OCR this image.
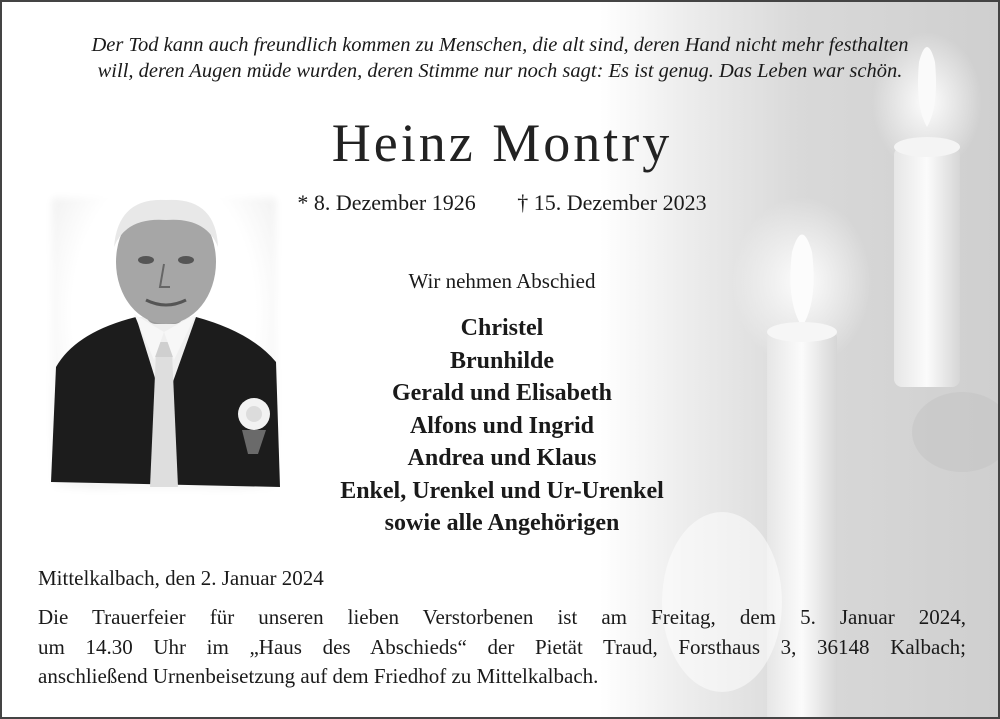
Der Tod kann auch freundlich kommen zu Menschen, die alt sind, deren Hand nicht mehr festhalten
will, deren Augen müde wurden, deren Stimme nur noch sagt: Es ist genug. Das Leben war schön.
Heinz Montry
* 8. Dezember 1926 † 15. Dezember 2023
Wir nehmen Abschied
Christel
Brunhilde
Gerald und Elisabeth
Alfons und Ingrid
Andrea und Klaus
Enkel, Urenkel und Ur-Urenkel
sowie alle Angehörigen
Mittelkalbach, den 2. Januar 2024
Die Trauerfeier für unseren lieben Verstorbenen ist am Freitag, dem 5. Januar 2024,
um 14.30 Uhr im „Haus des Abschieds“ der Pietät Traud, Forsthaus 3, 36148 Kalbach;
anschließend Urnenbeisetzung auf dem Friedhof zu Mittelkalbach.
